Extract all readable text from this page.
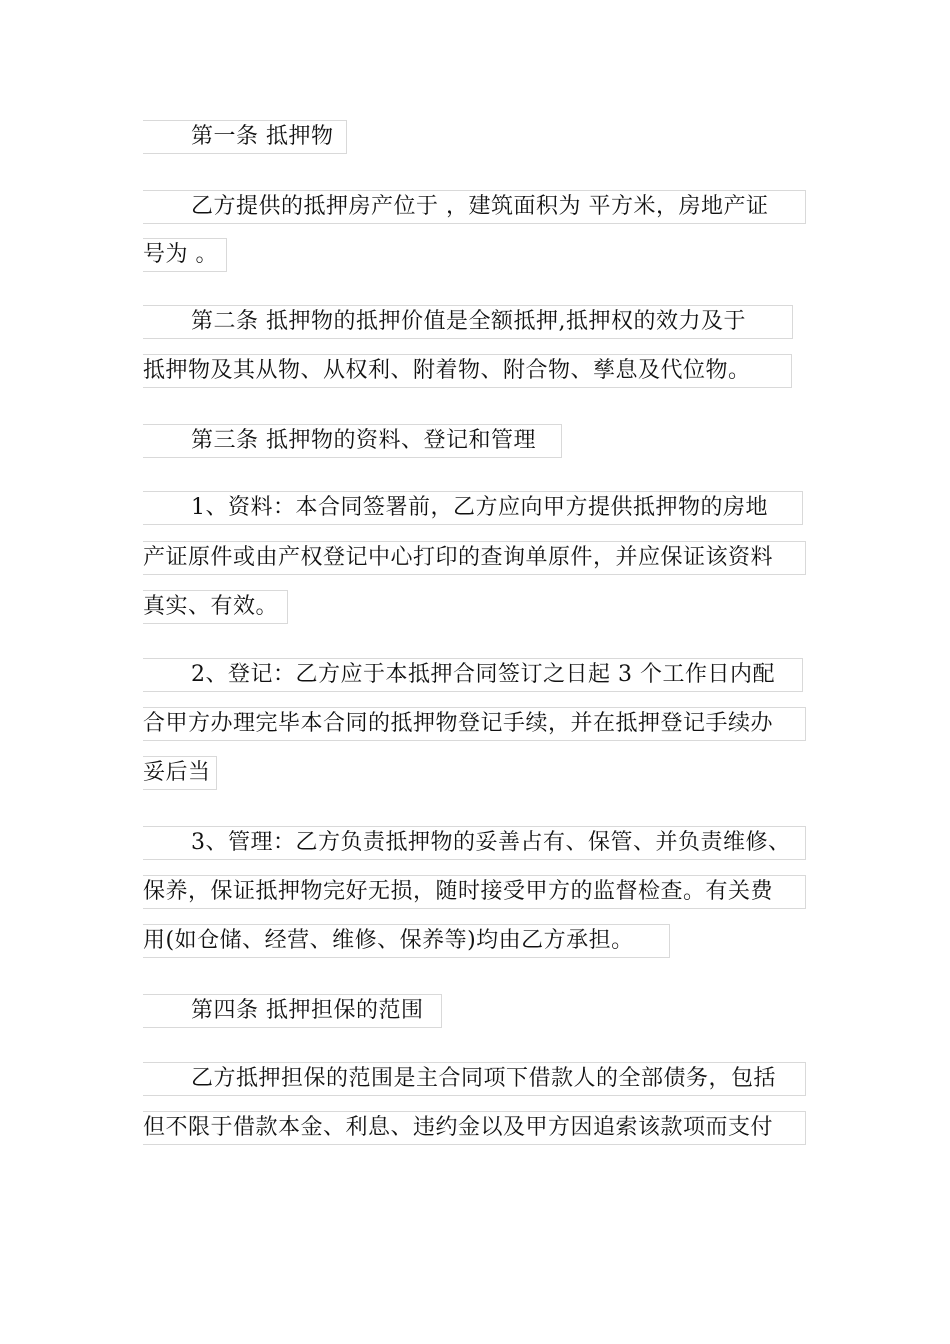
第一条 抵押物
乙方提供的抵押房产位于 ，建筑面积为 平方米，房地产证
号为 。
第二条 抵押物的抵押价值是全额抵押,抵押权的效力及于
抵押物及其从物、从权利、附着物、附合物、孳息及代位物。
第三条 抵押物的资料、登记和管理
1、资料：本合同签署前，乙方应向甲方提供抵押物的房地
产证原件或由产权登记中心打印的查询单原件，并应保证该资料
真实、有效。
2、登记：乙方应于本抵押合同签订之日起 3 个工作日内配
合甲方办理完毕本合同的抵押物登记手续，并在抵押登记手续办
妥后当
3、管理：乙方负责抵押物的妥善占有、保管、并负责维修、
保养，保证抵押物完好无损，随时接受甲方的监督检查。有关费
用(如仓储、经营、维修、保养等)均由乙方承担。
第四条 抵押担保的范围
乙方抵押担保的范围是主合同项下借款人的全部债务，包括
但不限于借款本金、利息、违约金以及甲方因追索该款项而支付
